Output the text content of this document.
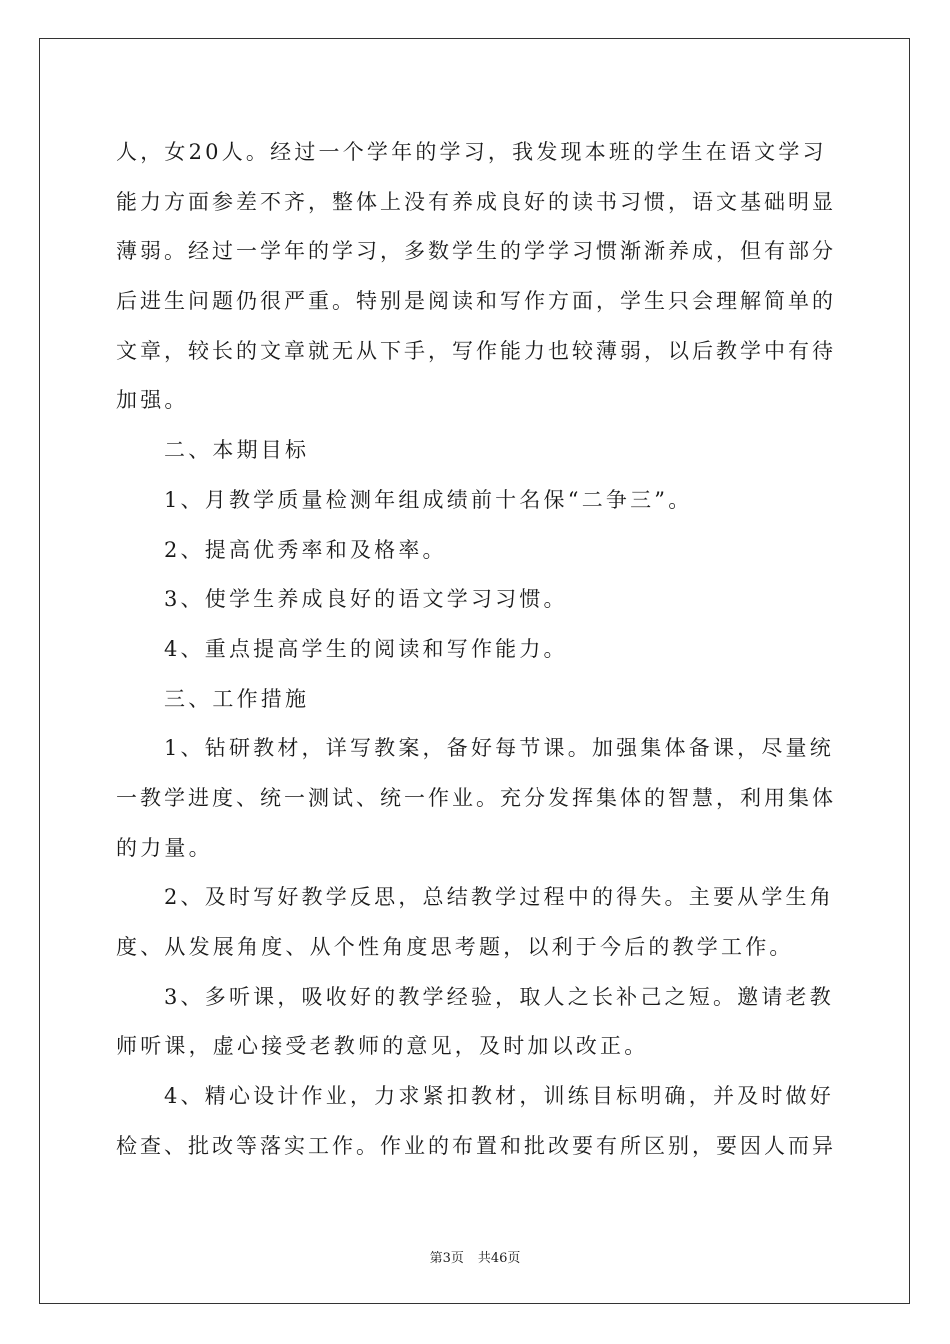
人，女20人。经过一个学年的学习，我发现本班的学生在语文学习

能力方面参差不齐，整体上没有养成良好的读书习惯，语文基础明显

薄弱。经过一学年的学习，多数学生的学学习惯渐渐养成，但有部分

后进生问题仍很严重。特别是阅读和写作方面，学生只会理解简单的

文章，较长的文章就无从下手，写作能力也较薄弱，以后教学中有待

加强。

二、本期目标

1、月教学质量检测年组成绩前十名保“二争三”。

2、提高优秀率和及格率。

3、使学生养成良好的语文学习习惯。

4、重点提高学生的阅读和写作能力。

三、工作措施

1、钻研教材，详写教案，备好每节课。加强集体备课，尽量统

一教学进度、统一测试、统一作业。充分发挥集体的智慧，利用集体

的力量。

2、及时写好教学反思，总结教学过程中的得失。主要从学生角

度、从发展角度、从个性角度思考题，以利于今后的教学工作。

3、多听课，吸收好的教学经验，取人之长补己之短。邀请老教

师听课，虚心接受老教师的意见，及时加以改正。

4、精心设计作业，力求紧扣教材，训练目标明确，并及时做好

检查、批改等落实工作。作业的布置和批改要有所区别，要因人而异

第3页 共46页
